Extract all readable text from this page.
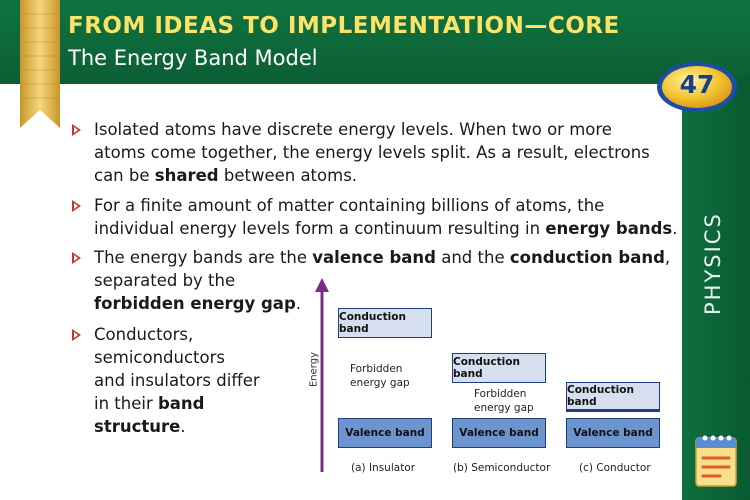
FROM IDEAS TO IMPLEMENTATION—CORE
The Energy Band Model
PHYSICS
47
Isolated atoms have discrete energy levels. When two or more
atoms come together, the energy levels split. As a result, electrons
can be shared between atoms.
For a finite amount of matter containing billions of atoms, the
individual energy levels form a continuum resulting in energy bands.
The energy bands are the valence band and the conduction band,
separated by the
forbidden energy gap.
Conductors,
semiconductors
and insulators differ
in their band
structure.
Energy
Conduction band
Forbidden
energy gap
Valence band
(a) Insulator
Conduction band
Forbidden
energy gap
Valence band
(b) Semiconductor
Conduction band
Valence band
(c) Conductor
